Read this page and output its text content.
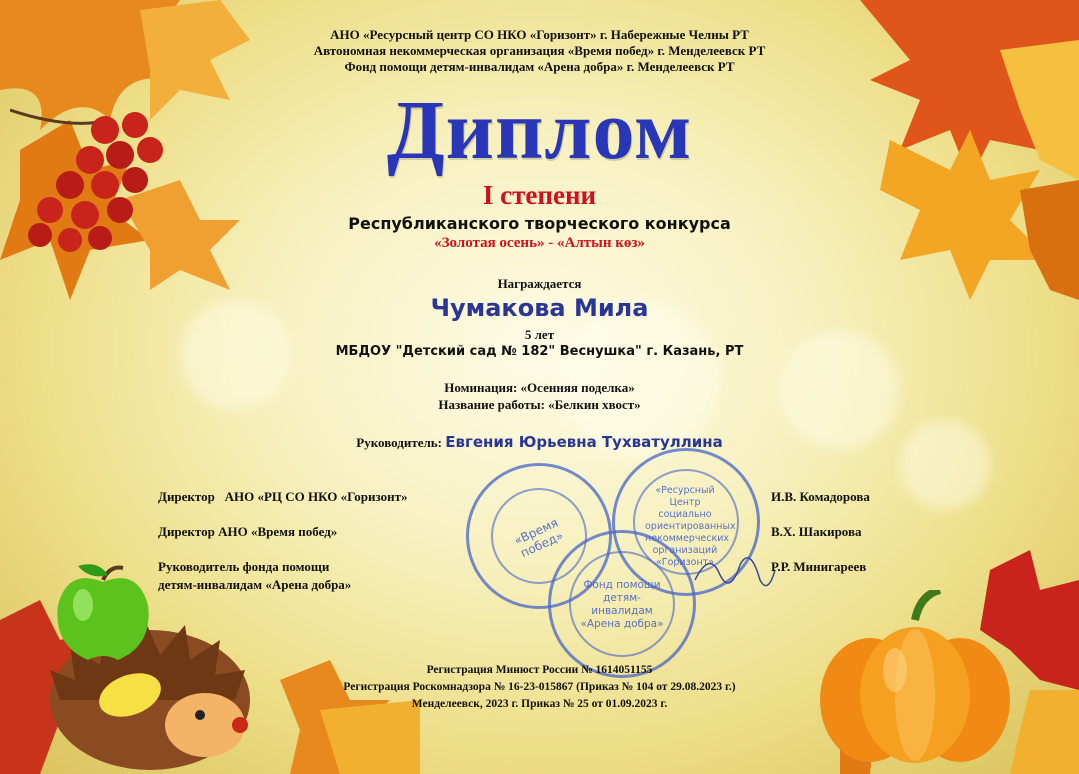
АНО «Ресурсный центр СО НКО «Горизонт» г. Набережные Челны РТ
Автономная некоммерческая организация «Время побед» г. Менделеевск РТ
Фонд помощи детям-инвалидам «Арена добра» г. Менделеевск РТ
Диплом
I степени
Республиканского творческого конкурса
«Золотая осень» - «Алтын көз»
Награждается
Чумакова Мила
5 лет
МБДОУ "Детский сад № 182" Веснушка" г. Казань, РТ
Номинация: «Осенняя поделка»
Название работы: «Белкин хвост»
Руководитель: Евгения Юрьевна Тухватуллина
«Время побед»
«Ресурсный Центр социально ориентированных некоммерческих организаций «Горизонт»
Фонд помощи детям-инвалидам «Арена добра»
Директор   АНО «РЦ СО НКО «Горизонт»	И.В. Комадорова
Директор АНО «Время побед»	В.Х. Шакирова
Руководитель фонда помощи
детям-инвалидам «Арена добра»
Р.Р. Минигареев
Регистрация Минюст России № 1614051155
Регистрация Роскомнадзора № 16-23-015867 (Приказ № 104 от 29.08.2023 г.)
Менделеевск, 2023 г. Приказ № 25 от 01.09.2023 г.
